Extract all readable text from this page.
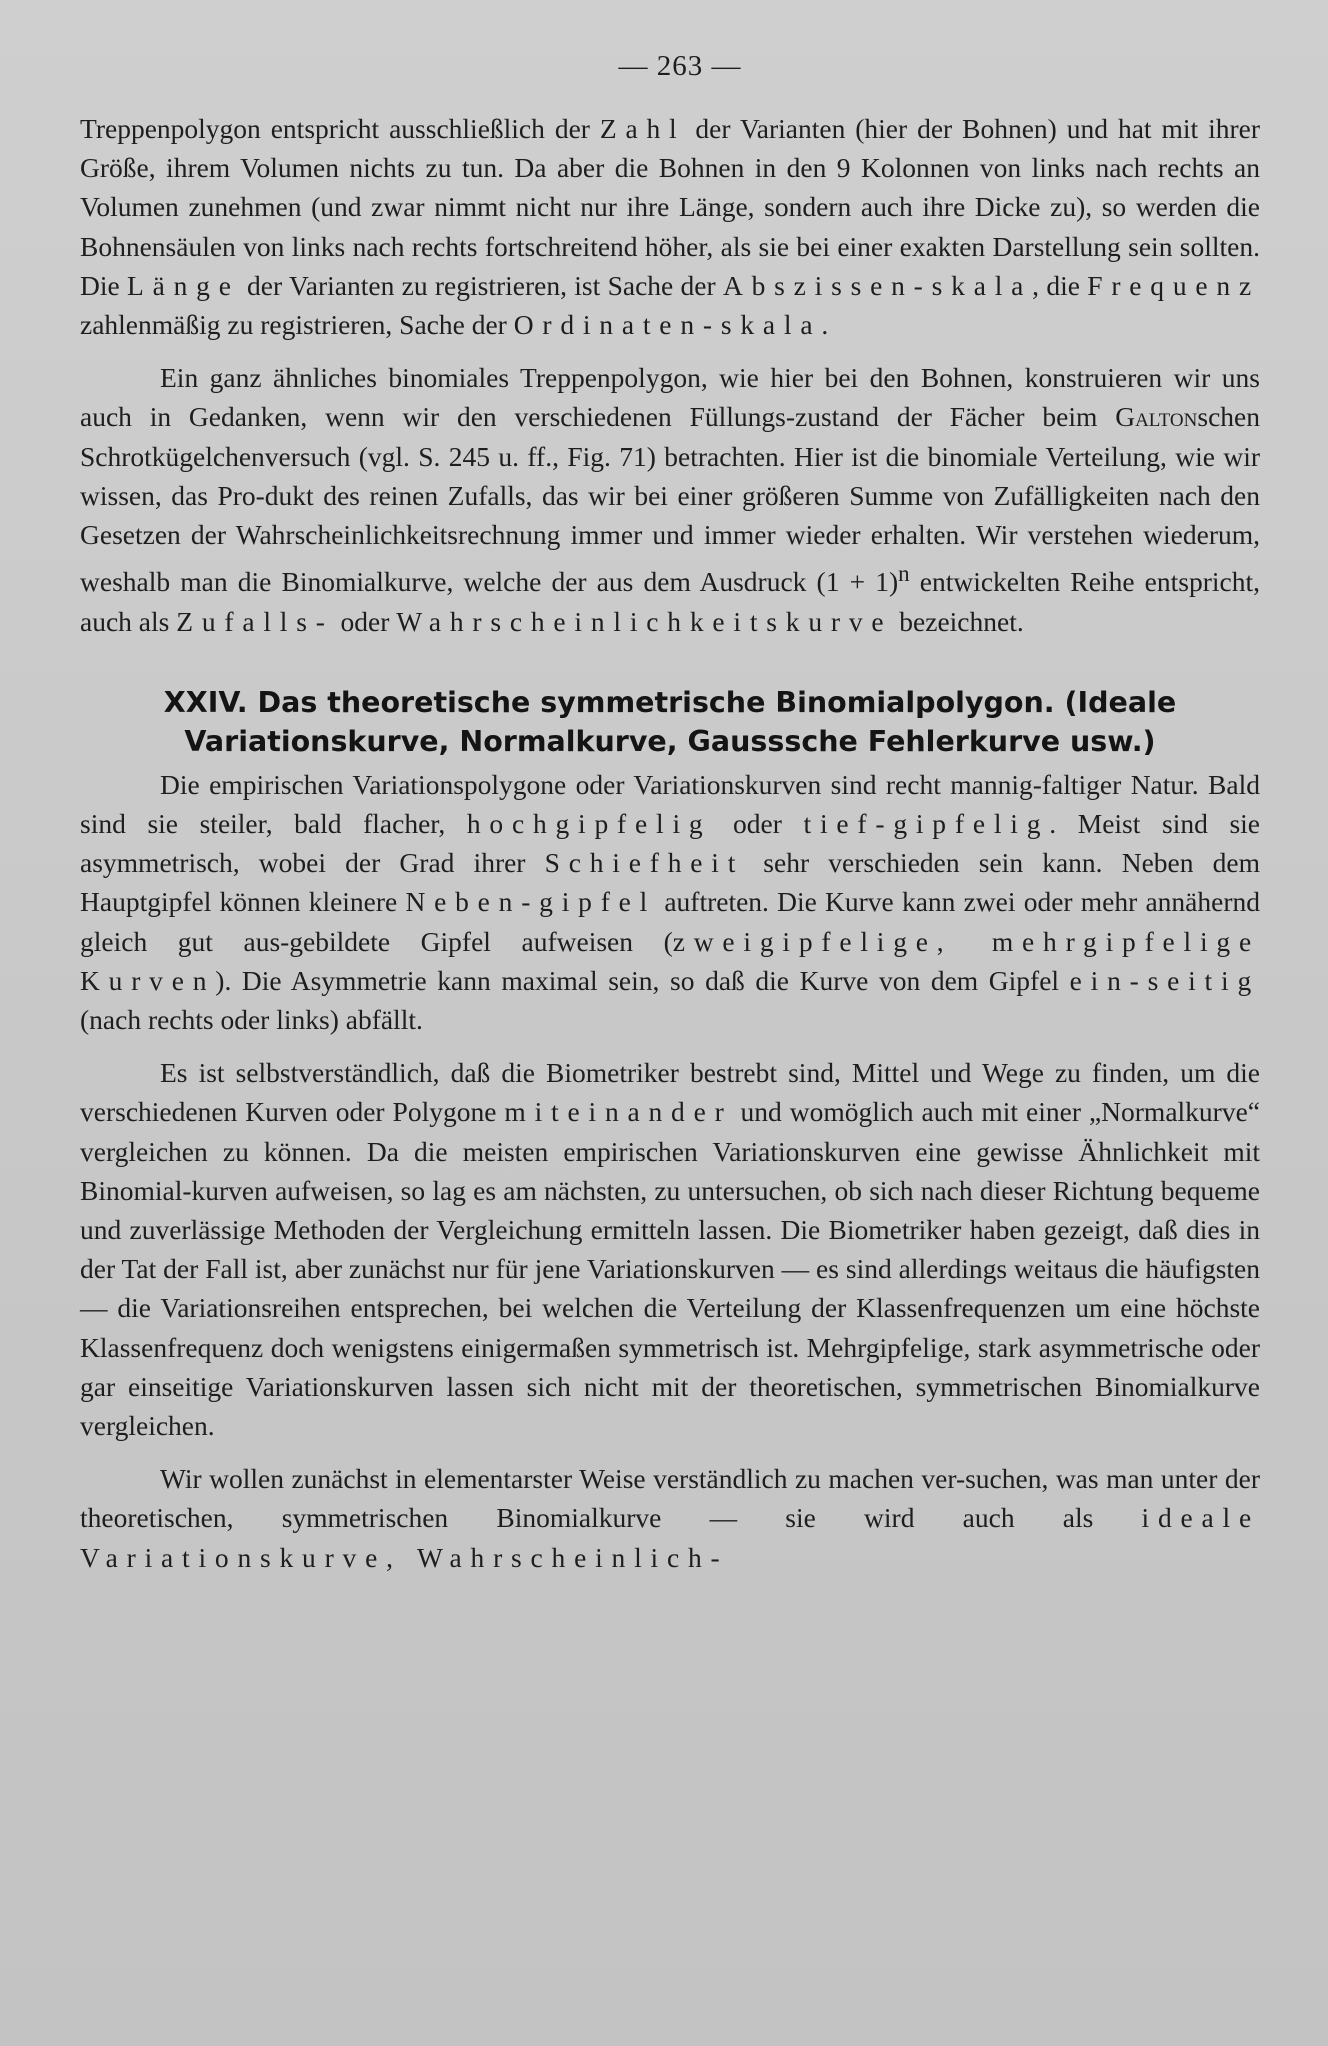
— 263 —

Treppenpolygon entspricht ausschließlich der Zahl der Varianten (hier der Bohnen) und hat mit ihrer Größe, ihrem Volumen nichts zu tun. Da aber die Bohnen in den 9 Kolonnen von links nach rechts an Volumen zunehmen (und zwar nimmt nicht nur ihre Länge, sondern auch ihre Dicke zu), so werden die Bohnensäulen von links nach rechts fortschreitend höher, als sie bei einer exakten Darstellung sein sollten. Die Länge der Varianten zu registrieren, ist Sache der Abszissen-skala, die Frequenz zahlenmäßig zu registrieren, Sache der Ordinaten-skala.

Ein ganz ähnliches binomiales Treppenpolygon, wie hier bei den Bohnen, konstruieren wir uns auch in Gedanken, wenn wir den verschiedenen Füllungs-zustand der Fächer beim Galtonschen Schrotkügelchenversuch (vgl. S. 245 u. ff., Fig. 71) betrachten. Hier ist die binomiale Verteilung, wie wir wissen, das Pro-dukt des reinen Zufalls, das wir bei einer größeren Summe von Zufälligkeiten nach den Gesetzen der Wahrscheinlichkeitsrechnung immer und immer wieder erhalten. Wir verstehen wiederum, weshalb man die Binomialkurve, welche der aus dem Ausdruck $(1 + 1)^n$ entwickelten Reihe entspricht, auch als Zufalls- oder Wahrscheinlichkeitskurve bezeichnet.

XXIV. Das theoretische symmetrische Binomialpolygon. (Ideale
Variationskurve, Normalkurve, Gausssche Fehlerkurve usw.)

Die empirischen Variationspolygone oder Variationskurven sind recht mannig-faltiger Natur. Bald sind sie steiler, bald flacher, hochgipfelig oder tief-gipfelig. Meist sind sie asymmetrisch, wobei der Grad ihrer Schiefheit sehr verschieden sein kann. Neben dem Hauptgipfel können kleinere Neben-gipfel auftreten. Die Kurve kann zwei oder mehr annähernd gleich gut aus-gebildete Gipfel aufweisen (zweigipfelige, mehrgipfelige Kurven). Die Asymmetrie kann maximal sein, so daß die Kurve von dem Gipfel ein-seitig (nach rechts oder links) abfällt.

Es ist selbstverständlich, daß die Biometriker bestrebt sind, Mittel und Wege zu finden, um die verschiedenen Kurven oder Polygone miteinander und womöglich auch mit einer „Normalkurve“ vergleichen zu können. Da die meisten empirischen Variationskurven eine gewisse Ähnlichkeit mit Binomial-kurven aufweisen, so lag es am nächsten, zu untersuchen, ob sich nach dieser Richtung bequeme und zuverlässige Methoden der Vergleichung ermitteln lassen. Die Biometriker haben gezeigt, daß dies in der Tat der Fall ist, aber zunächst nur für jene Variationskurven — es sind allerdings weitaus die häufigsten — die Variationsreihen entsprechen, bei welchen die Verteilung der Klassenfrequenzen um eine höchste Klassenfrequenz doch wenigstens einigermaßen symmetrisch ist. Mehrgipfelige, stark asymmetrische oder gar einseitige Variationskurven lassen sich nicht mit der theoretischen, symmetrischen Binomialkurve vergleichen.

Wir wollen zunächst in elementarster Weise verständlich zu machen ver-suchen, was man unter der theoretischen, symmetrischen Binomialkurve — sie wird auch als ideale Variationskurve, Wahrscheinlich-
